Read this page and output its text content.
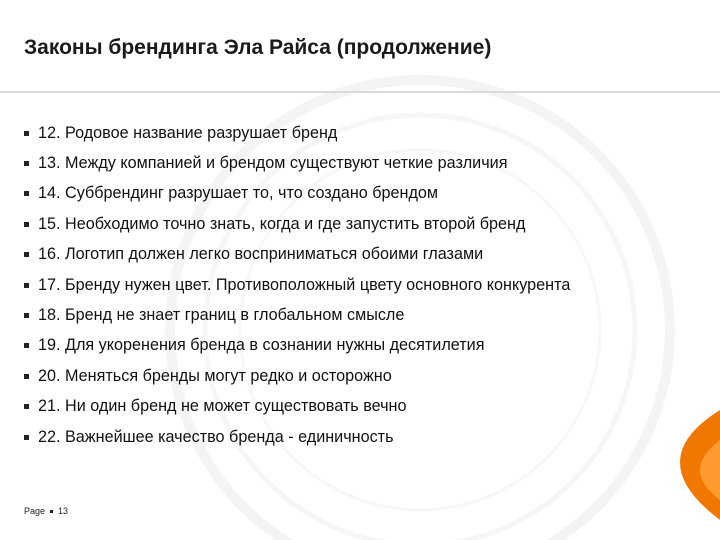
Законы брендинга Эла Райса (продолжение)
12. Родовое название разрушает бренд
13. Между компанией и брендом существуют четкие различия
14. Суббрендинг разрушает то, что создано брендом
15. Необходимо точно знать, когда и где запустить второй бренд
16. Логотип должен легко восприниматься обоими глазами
17. Бренду нужен цвет. Противоположный цвету основного конкурента
18. Бренд не знает границ в глобальном смысле
19. Для укоренения бренда в сознании нужны десятилетия
20. Меняться бренды могут редко и осторожно
21. Ни один бренд не может существовать вечно
22. Важнейшее качество бренда - единичность
Page 13
